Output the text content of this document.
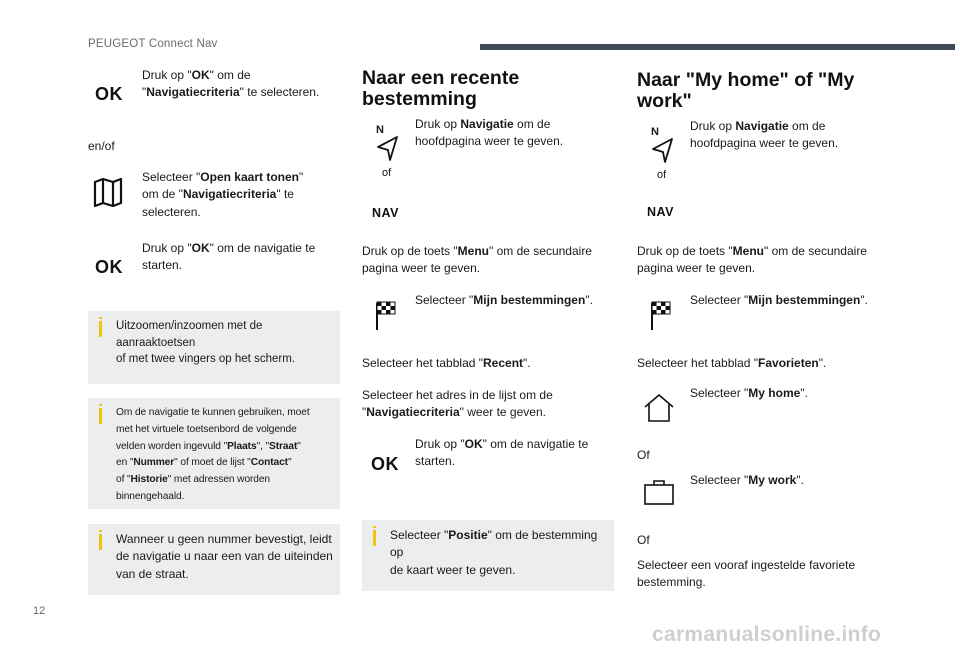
PEUGEOT Connect Nav
OK
Druk op "OK" om de
"Navigatiecriteria" te selecteren.
en/of
Selecteer "Open kaart tonen"
om de "Navigatiecriteria" te
selecteren.
OK
Druk op "OK" om de navigatie te
starten.
Uitzoomen/inzoomen met de aanraaktoetsen
of met twee vingers op het scherm.
Om de navigatie te kunnen gebruiken, moet
met het virtuele toetsenbord de volgende
velden worden ingevuld "Plaats", "Straat"
en "Nummer" of moet de lijst "Contact"
of "Historie" met adressen worden
binnengehaald.
Wanneer u geen nummer bevestigt, leidt
de navigatie u naar een van de uiteinden
van de straat.
Naar een recente
bestemming
N
of
NAV
Druk op Navigatie om de
hoofdpagina weer te geven.
Druk op de toets "Menu" om de secundaire
pagina weer te geven.
Selecteer "Mijn bestemmingen".
Selecteer het tabblad "Recent".
Selecteer het adres in de lijst om de
"Navigatiecriteria" weer te geven.
OK
Druk op "OK" om de navigatie te
starten.
Selecteer "Positie" om de bestemming op
de kaart weer te geven.
Naar "My home" of "My
work"
N
of
NAV
Druk op Navigatie om de
hoofdpagina weer te geven.
Druk op de toets "Menu" om de secundaire
pagina weer te geven.
Selecteer "Mijn bestemmingen".
Selecteer het tabblad "Favorieten".
Selecteer "My home".
Of
Selecteer "My work".
Of
Selecteer een vooraf ingestelde favoriete
bestemming.
12
carmanualsonline.info
